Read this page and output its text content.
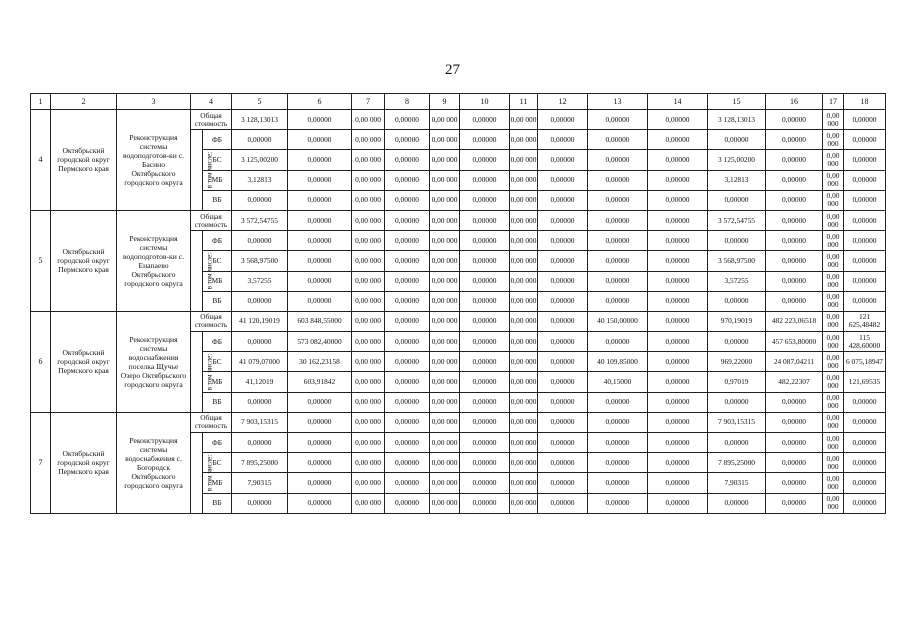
27
1	2	3	4		5	6	7	8	9	10	11	12	13	14	15	16	17	18
4	Октябрьский городской округ Пермского края	Реконструкция системы водоподготов-ки с. Басино Октябрьского городского округа	Общая стоимость		3 128,13013	0,00000	0,00 000	0,00000	0,00 000	0,00000	0,00 000	0,00000	0,00000	0,00000	3 128,13013	0,00000	0,00 000	0,00000
			в том числе:	ФБ	0,00000	0,00000	0,00 000	0,00000	0,00 000	0,00000	0,00 000	0,00000	0,00000	0,00000	0,00000	0,00000	0,00 000	0,00000
				БС	3 125,00200	0,00000	0,00 000	0,00000	0,00 000	0,00000	0,00 000	0,00000	0,00000	0,00000	3 125,00200	0,00000	0,00 000	0,00000
				МБ	3,12813	0,00000	0,00 000	0,00000	0,00 000	0,00000	0,00 000	0,00000	0,00000	0,00000	3,12813	0,00000	0,00 000	0,00000
				ВБ	0,00000	0,00000	0,00 000	0,00000	0,00 000	0,00000	0,00 000	0,00000	0,00000	0,00000	0,00000	0,00000	0,00 000	0,00000
5	Октябрьский городской округ Пермского края	Реконструкция системы водоподготов-ки с. Енапаево Октябрьского городского округа	Общая стоимость		3 572,54755	0,00000	0,00 000	0,00000	0,00 000	0,00000	0,00 000	0,00000	0,00000	0,00000	3 572,54755	0,00000	0,00 000	0,00000
			в том числе:	ФБ	0,00000	0,00000	0,00 000	0,00000	0,00 000	0,00000	0,00 000	0,00000	0,00000	0,00000	0,00000	0,00000	0,00 000	0,00000
				БС	3 568,97500	0,00000	0,00 000	0,00000	0,00 000	0,00000	0,00 000	0,00000	0,00000	0,00000	3 568,97500	0,00000	0,00 000	0,00000
				МБ	3,57255	0,00000	0,00 000	0,00000	0,00 000	0,00000	0,00 000	0,00000	0,00000	0,00000	3,57255	0,00000	0,00 000	0,00000
				ВБ	0,00000	0,00000	0,00 000	0,00000	0,00 000	0,00000	0,00 000	0,00000	0,00000	0,00000	0,00000	0,00000	0,00 000	0,00000
6	Октябрьский городской округ Пермского края	Реконструкция системы водоснабжения поселка Щучье Озеро Октябрьского городского округа	Общая стоимость		41 120,19019	603 848,55000	0,00 000	0,00000	0,00 000	0,00000	0,00 000	0,00000	40 150,00000	0,00000	970,19019	482 223,06518	0,00 000	121 625,48482
			в том числе:	ФБ	0,00000	573 082,40000	0,00 000	0,00000	0,00 000	0,00000	0,00 000	0,00000	0,00000	0,00000	0,00000	457 653,80000	0,00 000	115 428,60000
				БС	41 079,07000	30 162,23158	0,00 000	0,00000	0,00 000	0,00000	0,00 000	0,00000	40 109,85000	0,00000	969,22000	24 087,04211	0,00 000	6 075,18947
				МБ	41,12019	603,91842	0,00 000	0,00000	0,00 000	0,00000	0,00 000	0,00000	40,15000	0,00000	0,97019	482,22307	0,00 000	121,69535
				ВБ	0,00000	0,00000	0,00 000	0,00000	0,00 000	0,00000	0,00 000	0,00000	0,00000	0,00000	0,00000	0,00000	0,00 000	0,00000
7	Октябрьский городской округ Пермского края	Реконструкция системы водоснабжения с. Богородск Октябрьского городского округа	Общая стоимость		7 903,15315	0,00000	0,00 000	0,00000	0,00 000	0,00000	0,00 000	0,00000	0,00000	0,00000	7 903,15315	0,00000	0,00 000	0,00000
			в том числе:	ФБ	0,00000	0,00000	0,00 000	0,00000	0,00 000	0,00000	0,00 000	0,00000	0,00000	0,00000	0,00000	0,00000	0,00 000	0,00000
				БС	7 895,25000	0,00000	0,00 000	0,00000	0,00 000	0,00000	0,00 000	0,00000	0,00000	0,00000	7 895,25000	0,00000	0,00 000	0,00000
				МБ	7,90315	0,00000	0,00 000	0,00000	0,00 000	0,00000	0,00 000	0,00000	0,00000	0,00000	7,90315	0,00000	0,00 000	0,00000
				ВБ	0,00000	0,00000	0,00 000	0,00000	0,00 000	0,00000	0,00 000	0,00000	0,00000	0,00000	0,00000	0,00000	0,00 000	0,00000
